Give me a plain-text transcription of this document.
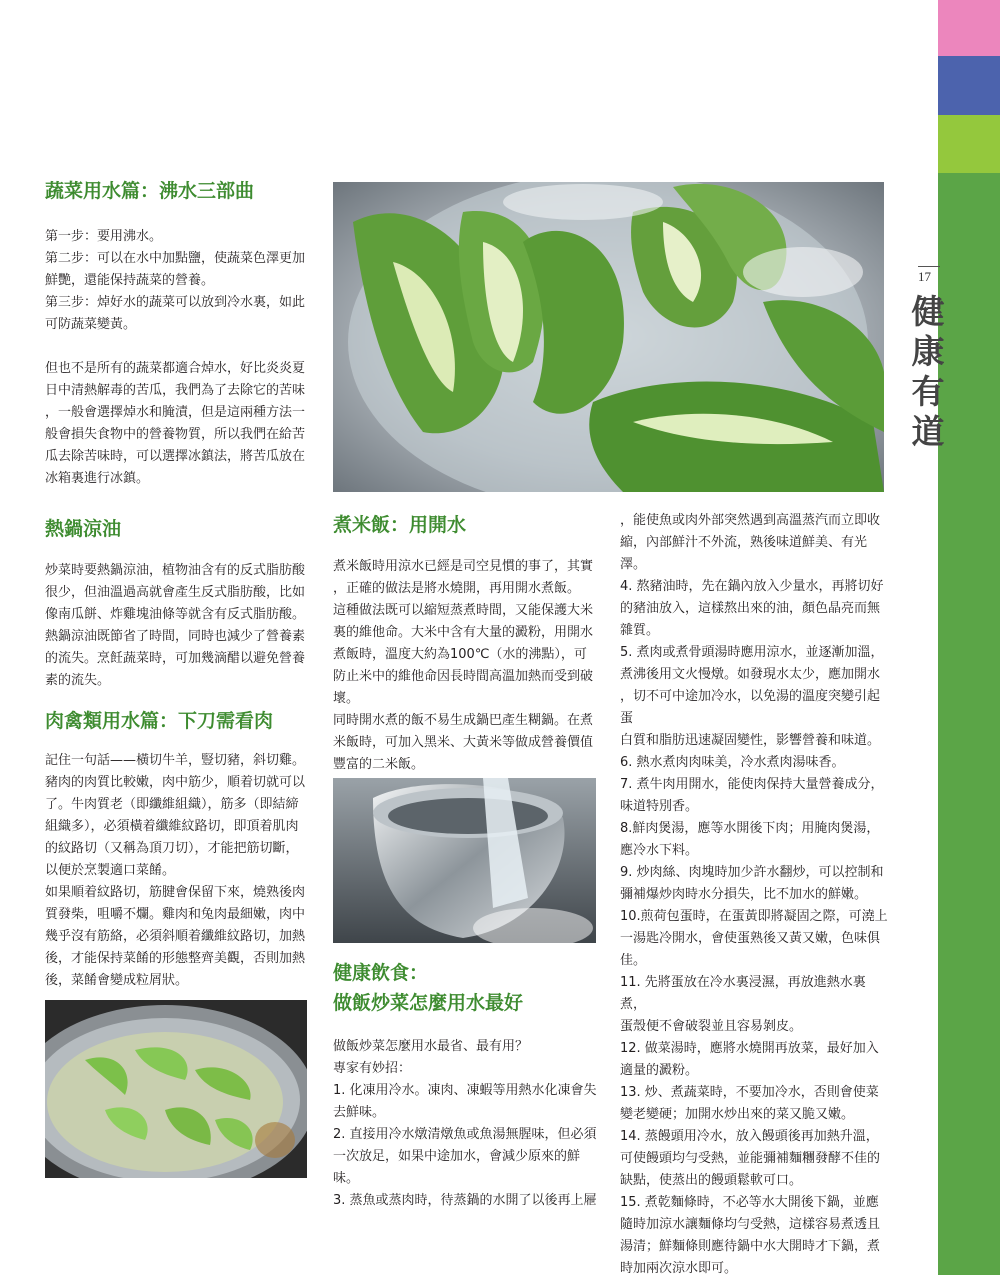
17
健
康
有
道
蔬菜用水篇：沸水三部曲

第一步：要用沸水。

第二步：可以在水中加點鹽，使蔬菜色澤更加

鮮艷，還能保持蔬菜的營養。

第三步：焯好水的蔬菜可以放到冷水裏，如此

可防蔬菜變黃。

但也不是所有的蔬菜都適合焯水，好比炎炎夏

日中清熱解毒的苦瓜，我們為了去除它的苦味

，一般會選擇焯水和腌漬，但是這兩種方法一

般會損失食物中的營養物質，所以我們在給苦

瓜去除苦味時，可以選擇冰鎮法，將苦瓜放在

冰箱裏進行冰鎮。

熱鍋涼油

炒菜時要熱鍋涼油，植物油含有的反式脂肪酸

很少，但油溫過高就會產生反式脂肪酸，比如

像南瓜餅、炸雞塊油條等就含有反式脂肪酸。

熱鍋涼油既節省了時間，同時也減少了營養素

的流失。烹飪蔬菜時，可加幾滴醋以避免營養

素的流失。

肉禽類用水篇：下刀需看肉

記住一句話——橫切牛羊，豎切豬，斜切雞。

豬肉的肉質比較嫩，肉中筋少，順着切就可以

了。牛肉質老（即纖維組織），筋多（即結締

組織多），必須橫着纖維紋路切，即頂着肌肉

的紋路切（又稱為頂刀切），才能把筋切斷，

以便於烹製適口菜餚。

如果順着紋路切，筋腱會保留下來，燒熟後肉

質發柴，咀嚼不爛。雞肉和兔肉最細嫩，肉中

幾乎沒有筋絡，必須斜順着纖維紋路切，加熱

後，才能保持菜餚的形態整齊美觀，否則加熱

後，菜餚會變成粒屑狀。

煮米飯：用開水

煮米飯時用涼水已經是司空見慣的事了，其實

，正確的做法是將水燒開，再用開水煮飯。

這種做法既可以縮短蒸煮時間，又能保護大米

裏的維他命。大米中含有大量的澱粉，用開水

煮飯時，溫度大約為100℃（水的沸點），可

防止米中的維他命因長時間高溫加熱而受到破

壞。

同時開水煮的飯不易生成鍋巴產生糊鍋。在煮

米飯時，可加入黑米、大黃米等做成營養價值

豐富的二米飯。

健康飲食：
做飯炒菜怎麼用水最好

做飯炒菜怎麼用水最省、最有用？

專家有妙招：

1. 化凍用冷水。凍肉、凍蝦等用熱水化凍會失

去鮮味。

2. 直接用冷水燉清燉魚或魚湯無腥味，但必須

一次放足，如果中途加水，會減少原來的鮮味。

3. 蒸魚或蒸肉時，待蒸鍋的水開了以後再上屜

，能使魚或肉外部突然遇到高溫蒸汽而立即收

縮，內部鮮汁不外流，熟後味道鮮美、有光澤。

4. 熬豬油時，先在鍋內放入少量水，再將切好

的豬油放入，這樣熬出來的油，顏色晶亮而無

雜質。

5. 煮肉或煮骨頭湯時應用涼水，並逐漸加溫，

煮沸後用文火慢燉。如發現水太少，應加開水

，切不可中途加冷水，以免湯的溫度突變引起蛋

白質和脂肪迅速凝固變性，影響營養和味道。

6. 熱水煮肉肉味美，冷水煮肉湯味香。

7. 煮牛肉用開水，能使肉保持大量營養成分，

味道特別香。

8.鮮肉煲湯，應等水開後下肉；用腌肉煲湯，

應冷水下料。

9. 炒肉絲、肉塊時加少許水翻炒，可以控制和

彌補爆炒肉時水分損失，比不加水的鮮嫩。

10.煎荷包蛋時，在蛋黃即將凝固之際，可澆上

一湯匙冷開水，會使蛋熟後又黃又嫩，色味俱

佳。

11. 先將蛋放在冷水裏浸濕，再放進熱水裏煮，

蛋殼便不會破裂並且容易剝皮。

12. 做菜湯時，應將水燒開再放菜，最好加入

適量的澱粉。

13. 炒、煮蔬菜時，不要加冷水，否則會使菜

變老變硬；加開水炒出來的菜又脆又嫩。

14. 蒸饅頭用冷水，放入饅頭後再加熱升溫，

可使饅頭均勻受熱，並能彌補麵糰發酵不佳的

缺點，使蒸出的饅頭鬆軟可口。

15. 煮乾麵條時，不必等水大開後下鍋，並應

隨時加涼水讓麵條均勻受熱，這樣容易煮透且

湯清；鮮麵條則應待鍋中水大開時才下鍋，煮

時加兩次涼水即可。
